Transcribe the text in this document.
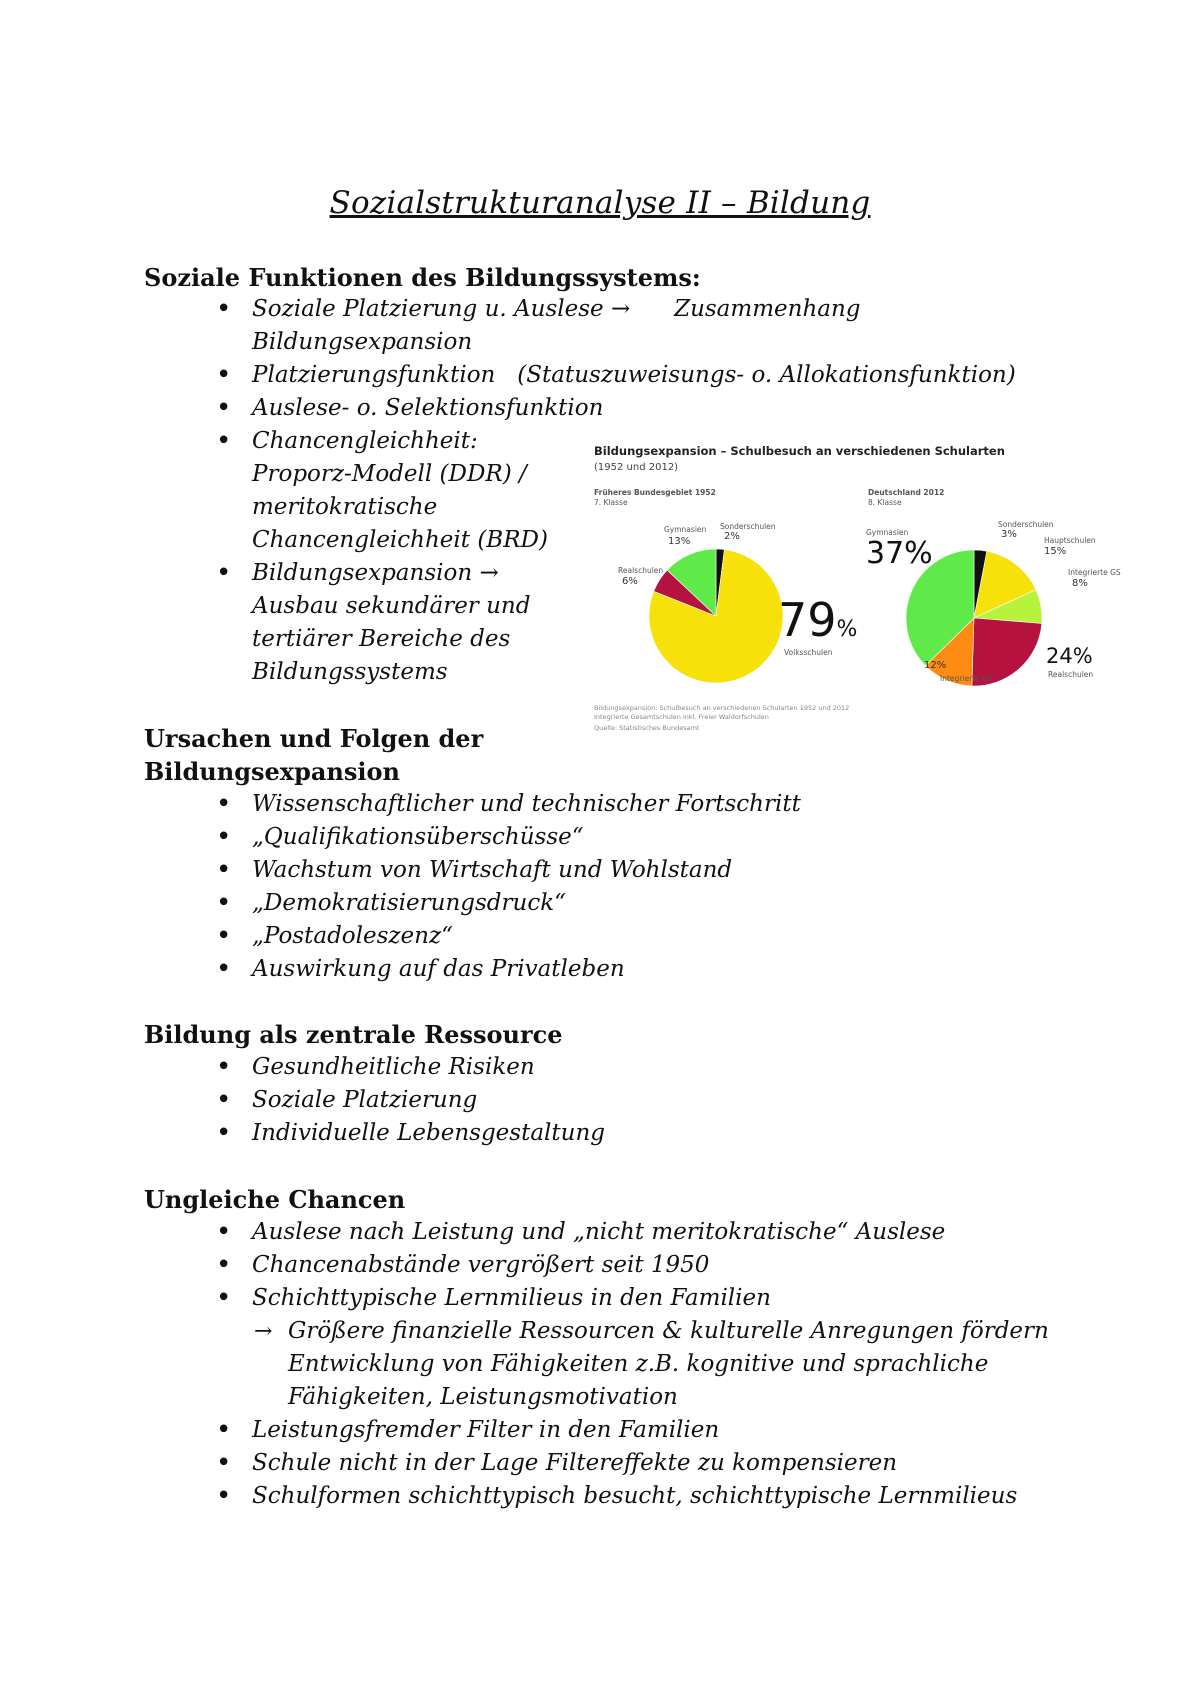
Sozialstrukturanalyse II – Bildung
Soziale Funktionen des Bildungssystems:
• Soziale Platzierung u. Auslese →      Zusammenhang
Bildungsexpansion
• Platzierungsfunktion   (Statuszuweisungs- o. Allokationsfunktion)
• Auslese- o. Selektionsfunktion
• Chancengleichheit:
Proporz-Modell (DDR) /
meritokratische
Chancengleichheit (BRD)
• Bildungsexpansion →
Ausbau sekundärer und
tertiärer Bereiche des
Bildungssystems
Ursachen und Folgen der
Bildungsexpansion
• Wissenschaftlicher und technischer Fortschritt
• „Qualifikationsüberschüsse“
• Wachstum von Wirtschaft und Wohlstand
• „Demokratisierungsdruck“
• „Postadoleszenz“
• Auswirkung auf das Privatleben
Bildung als zentrale Ressource
• Gesundheitliche Risiken
• Soziale Platzierung
• Individuelle Lebensgestaltung
Ungleiche Chancen
• Auslese nach Leistung und „nicht meritokratische“ Auslese
• Chancenabstände vergrößert seit 1950
• Schichttypische Lernmilieus in den Familien
→ Größere finanzielle Ressourcen & kulturelle Anregungen fördern
Entwicklung von Fähigkeiten z.B. kognitive und sprachliche
Fähigkeiten, Leistungsmotivation
• Leistungsfremder Filter in den Familien
• Schule nicht in der Lage Filtereffekte zu kompensieren
• Schulformen schichttypisch besucht, schichttypische Lernmilieus
Bildungsexpansion – Schulbesuch an verschiedenen Schularten
(1952 und 2012)
Früheres Bundesgebiet 1952
7. Klasse
Deutschland 2012
8. Klasse
Sonderschulen
2%
Gymnasien
13%
Realschulen
6%
79%
Volksschulen
Sonderschulen
3%
Hauptschulen
15%
Integrierte GS
8%
Gymnasien
37%
24%
Realschulen
12%
Integrierte GS
Bildungsexpansion: Schulbesuch an verschiedenen Schularten 1952 und 2012
Integrierte Gesamtschulen inkl. Freier Waldorfschulen
Quelle: Statistisches Bundesamt
